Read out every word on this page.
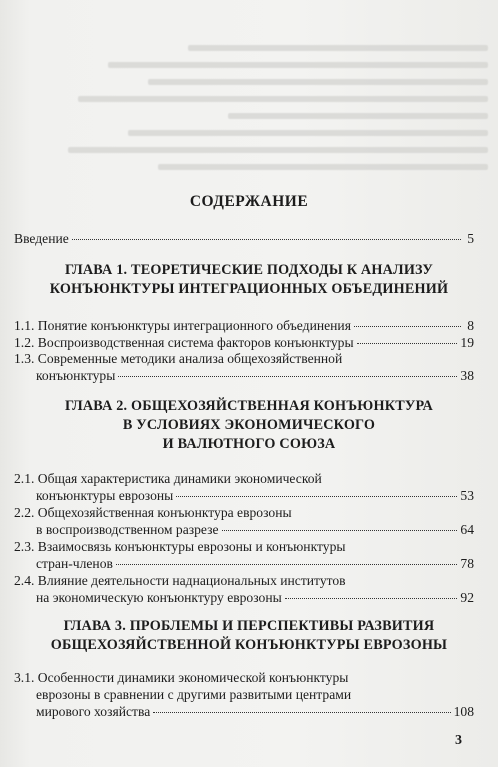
СОДЕРЖАНИЕ
Введение	5
ГЛАВА 1. ТЕОРЕТИЧЕСКИЕ ПОДХОДЫ К АНАЛИЗУ
КОНЪЮНКТУРЫ ИНТЕГРАЦИОННЫХ ОБЪЕДИНЕНИЙ
1.1. Понятие конъюнктуры интеграционного объединения	8
1.2. Воспроизводственная система факторов конъюнктуры	19
1.3. Современные методики анализа общехозяйственной
конъюнктуры	38
ГЛАВА 2. ОБЩЕХОЗЯЙСТВЕННАЯ КОНЪЮНКТУРА
В УСЛОВИЯХ ЭКОНОМИЧЕСКОГО
И ВАЛЮТНОГО СОЮЗА
2.1. Общая характеристика динамики экономической
конъюнктуры еврозоны	53
2.2. Общехозяйственная конъюнктура еврозоны
в воспроизводственном разрезе	64
2.3. Взаимосвязь конъюнктуры еврозоны и конъюнктуры
стран-членов	78
2.4. Влияние деятельности наднациональных институтов
на экономическую конъюнктуру еврозоны	92
ГЛАВА 3. ПРОБЛЕМЫ И ПЕРСПЕКТИВЫ РАЗВИТИЯ
ОБЩЕХОЗЯЙСТВЕННОЙ КОНЪЮНКТУРЫ ЕВРОЗОНЫ
3.1. Особенности динамики экономической конъюнктуры
еврозоны в сравнении с другими развитыми центрами
мирового хозяйства	108
3
